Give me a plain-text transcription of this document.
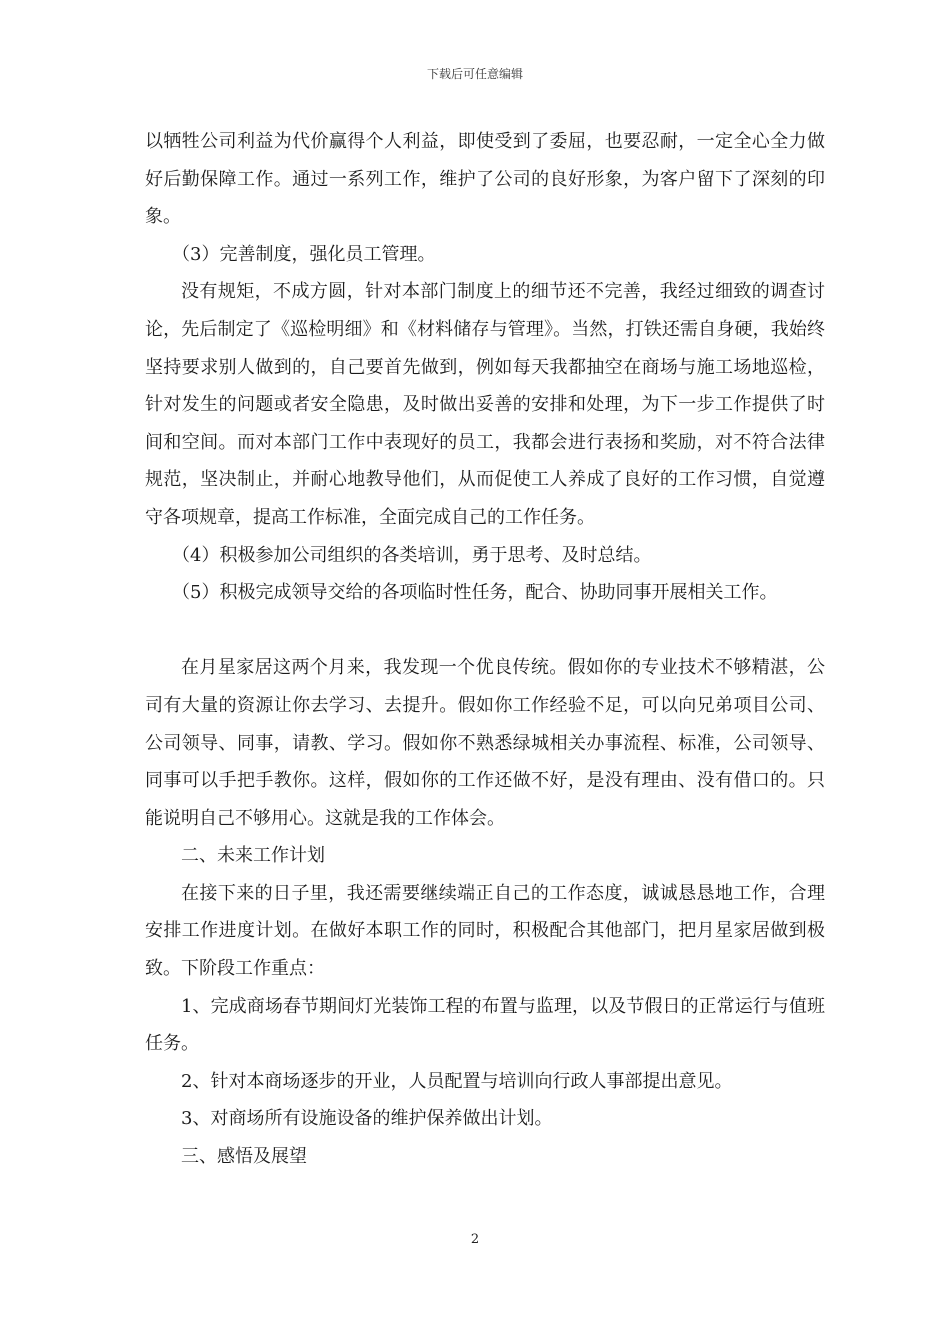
下载后可任意编辑

以牺牲公司利益为代价赢得个人利益，即使受到了委屈，也要忍耐，一定全心全力做好后勤保障工作。通过一系列工作，维护了公司的良好形象，为客户留下了深刻的印象。

（3）完善制度，强化员工管理。

没有规矩，不成方圆，针对本部门制度上的细节还不完善，我经过细致的调查讨论，先后制定了《巡检明细》和《材料储存与管理》。当然，打铁还需自身硬，我始终坚持要求别人做到的，自己要首先做到，例如每天我都抽空在商场与施工场地巡检，针对发生的问题或者安全隐患，及时做出妥善的安排和处理，为下一步工作提供了时间和空间。而对本部门工作中表现好的员工，我都会进行表扬和奖励，对不符合法律规范，坚决制止，并耐心地教导他们，从而促使工人养成了良好的工作习惯，自觉遵守各项规章，提高工作标准，全面完成自己的工作任务。

（4）积极参加公司组织的各类培训，勇于思考、及时总结。

（5）积极完成领导交给的各项临时性任务，配合、协助同事开展相关工作。

在月星家居这两个月来，我发现一个优良传统。假如你的专业技术不够精湛，公司有大量的资源让你去学习、去提升。假如你工作经验不足，可以向兄弟项目公司、公司领导、同事，请教、学习。假如你不熟悉绿城相关办事流程、标准，公司领导、同事可以手把手教你。这样，假如你的工作还做不好，是没有理由、没有借口的。只能说明自己不够用心。这就是我的工作体会。

二、未来工作计划

在接下来的日子里，我还需要继续端正自己的工作态度，诚诚恳恳地工作，合理安排工作进度计划。在做好本职工作的同时，积极配合其他部门，把月星家居做到极致。下阶段工作重点：

1、完成商场春节期间灯光装饰工程的布置与监理，以及节假日的正常运行与值班任务。

2、针对本商场逐步的开业，人员配置与培训向行政人事部提出意见。

3、对商场所有设施设备的维护保养做出计划。

三、感悟及展望

2
